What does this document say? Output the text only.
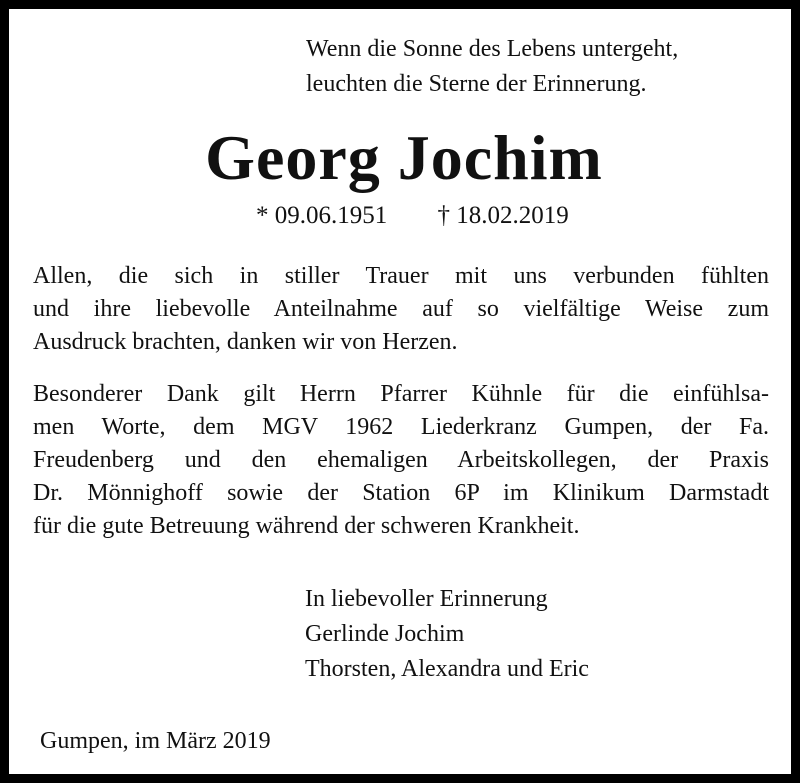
Wenn die Sonne des Lebens untergeht,
leuchten die Sterne der Erinnerung.
Georg Jochim
* 09.06.1951 † 18.02.2019
Allen, die sich in stiller Trauer mit uns verbunden fühlten
und ihre liebevolle Anteilnahme auf so vielfältige Weise zum
Ausdruck brachten, danken wir von Herzen.
Besonderer Dank gilt Herrn Pfarrer Kühnle für die einfühlsa-
men Worte, dem MGV 1962 Liederkranz Gumpen, der Fa.
Freudenberg und den ehemaligen Arbeitskollegen, der Praxis
Dr. Mönnighoff sowie der Station 6P im Klinikum Darmstadt
für die gute Betreuung während der schweren Krankheit.
In liebevoller Erinnerung
Gerlinde Jochim
Thorsten, Alexandra und Eric
Gumpen, im März 2019
